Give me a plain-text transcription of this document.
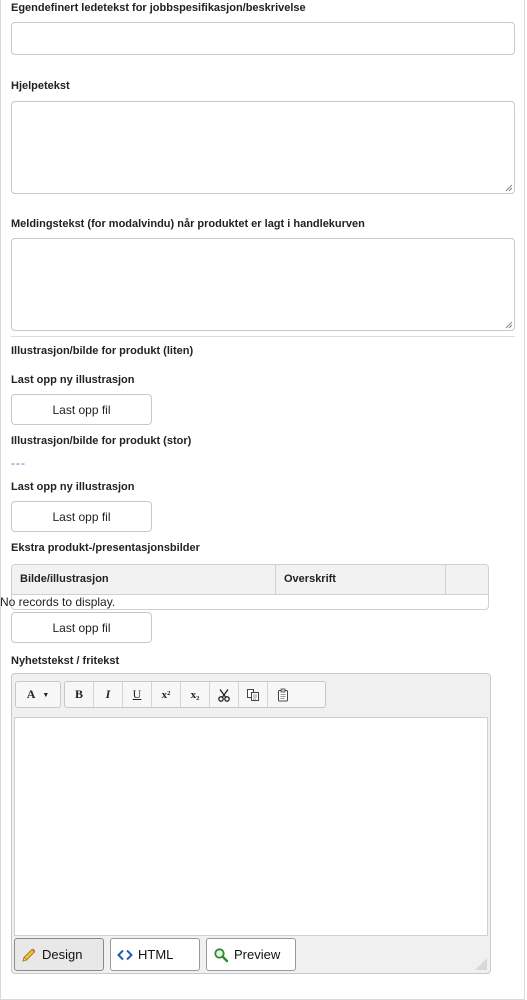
Egendefinert ledetekst for jobbspesifikasjon/beskrivelse
Hjelpetekst
Meldingstekst (for modalvindu) når produktet er lagt i handlekurven
Illustrasjon/bilde for produkt (liten)
Last opp ny illustrasjon
Last opp fil
Illustrasjon/bilde for produkt (stor)
---
Last opp ny illustrasjon
Last opp fil
Ekstra produkt-/presentasjonsbilder
Bilde/illustrasjon	Overskrift
No records to display.
Last opp fil
Nyhetstekst / fritekst
A ▼	B	I	U	x²	x₂
Design	HTML	Preview
